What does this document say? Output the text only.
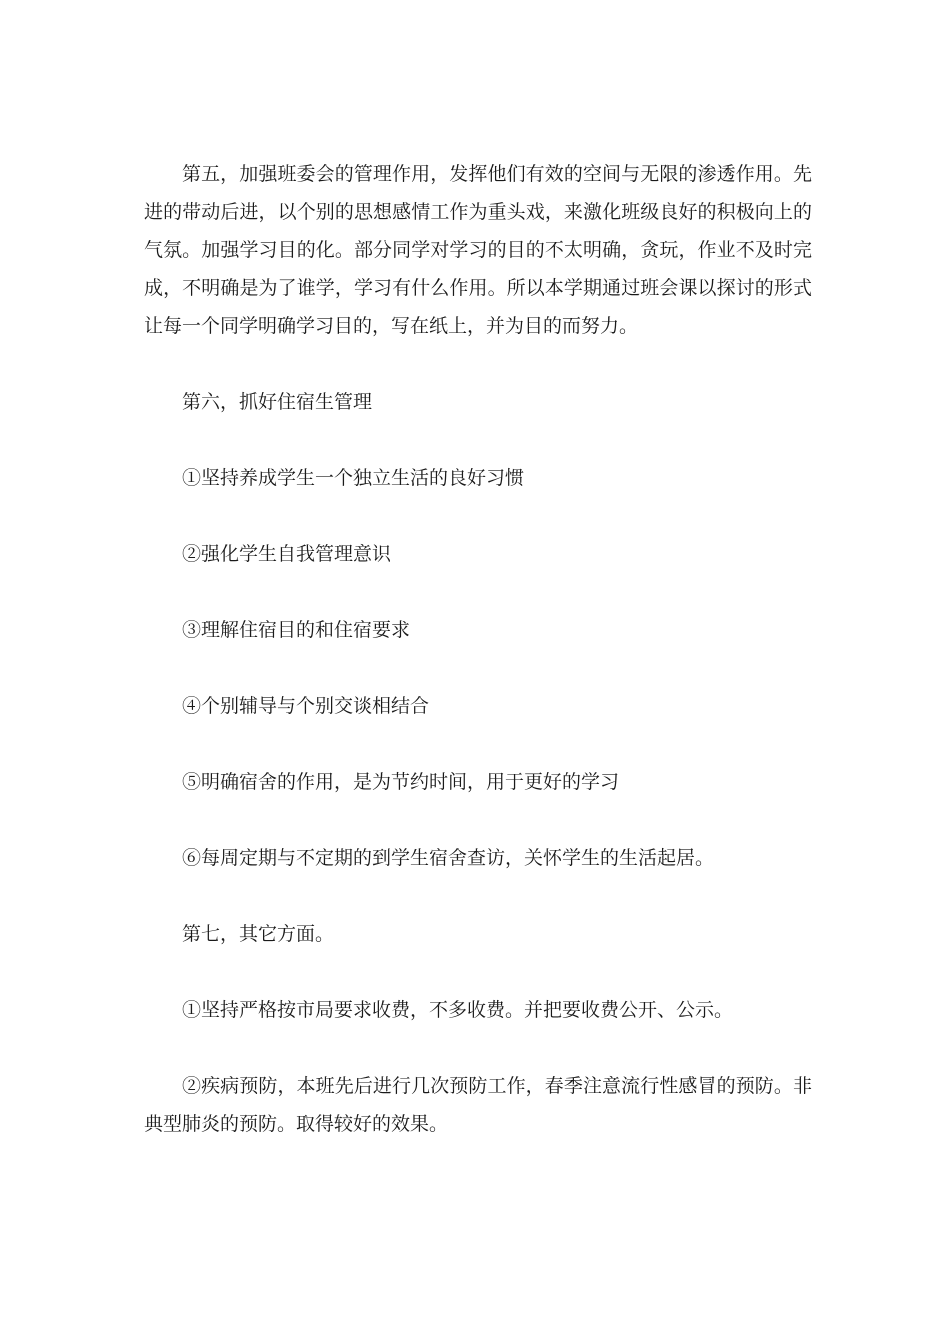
第五，加强班委会的管理作用，发挥他们有效的空间与无限的渗透作用。先进的带动后进，以个别的思想感情工作为重头戏，来激化班级良好的积极向上的气氛。加强学习目的化。部分同学对学习的目的不太明确，贪玩，作业不及时完成，不明确是为了谁学，学习有什么作用。所以本学期通过班会课以探讨的形式让每一个同学明确学习目的，写在纸上，并为目的而努力。

第六，抓好住宿生管理

①坚持养成学生一个独立生活的良好习惯

②强化学生自我管理意识

③理解住宿目的和住宿要求

④个别辅导与个别交谈相结合

⑤明确宿舍的作用，是为节约时间，用于更好的学习

⑥每周定期与不定期的到学生宿舍查访，关怀学生的生活起居。

第七，其它方面。

①坚持严格按市局要求收费，不多收费。并把要收费公开、公示。

②疾病预防，本班先后进行几次预防工作，春季注意流行性感冒的预防。非典型肺炎的预防。取得较好的效果。
